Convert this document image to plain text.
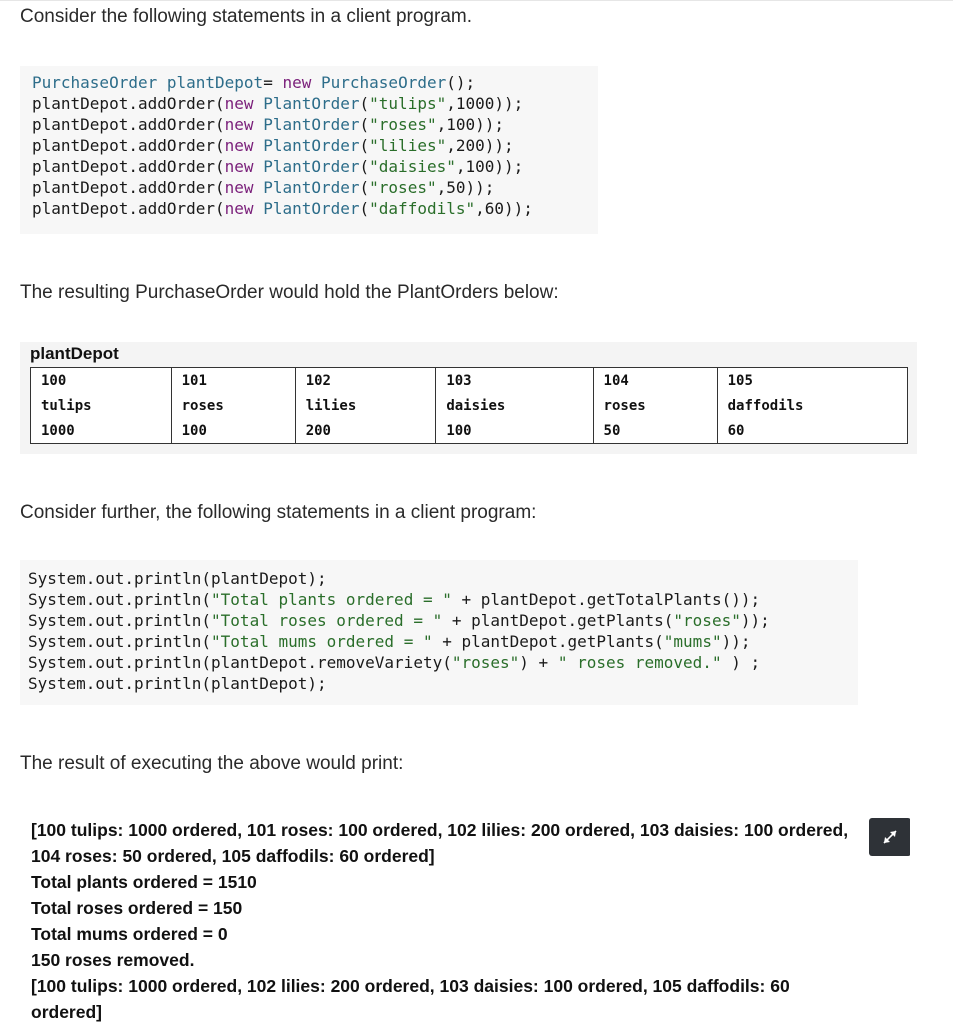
Consider the following statements in a client program.

PurchaseOrder plantDepot= new PurchaseOrder();
plantDepot.addOrder(new PlantOrder("tulips",1000));
plantDepot.addOrder(new PlantOrder("roses",100));
plantDepot.addOrder(new PlantOrder("lilies",200));
plantDepot.addOrder(new PlantOrder("daisies",100));
plantDepot.addOrder(new PlantOrder("roses",50));
plantDepot.addOrder(new PlantOrder("daffodils",60));

The resulting PurchaseOrder would hold the PlantOrders below:
plantDepot
100	101	102	103	104	105
tulips	roses	lilies	daisies	roses	daffodils
1000	100	200	100	50	60
Consider further, the following statements in a client program:

System.out.println(plantDepot);
System.out.println("Total plants ordered = " + plantDepot.getTotalPlants());
System.out.println("Total roses ordered = " + plantDepot.getPlants("roses"));
System.out.println("Total mums ordered = " + plantDepot.getPlants("mums"));
System.out.println(plantDepot.removeVariety("roses") + " roses removed." ) ;
System.out.println(plantDepot);

The result of executing the above would print:
[100 tulips: 1000 ordered, 101 roses: 100 ordered, 102 lilies: 200 ordered, 103 daisies: 100 ordered,
104 roses: 50 ordered, 105 daffodils: 60 ordered]
Total plants ordered = 1510
Total roses ordered = 150
Total mums ordered = 0
150 roses removed.
[100 tulips: 1000 ordered, 102 lilies: 200 ordered, 103 daisies: 100 ordered, 105 daffodils: 60
ordered]
